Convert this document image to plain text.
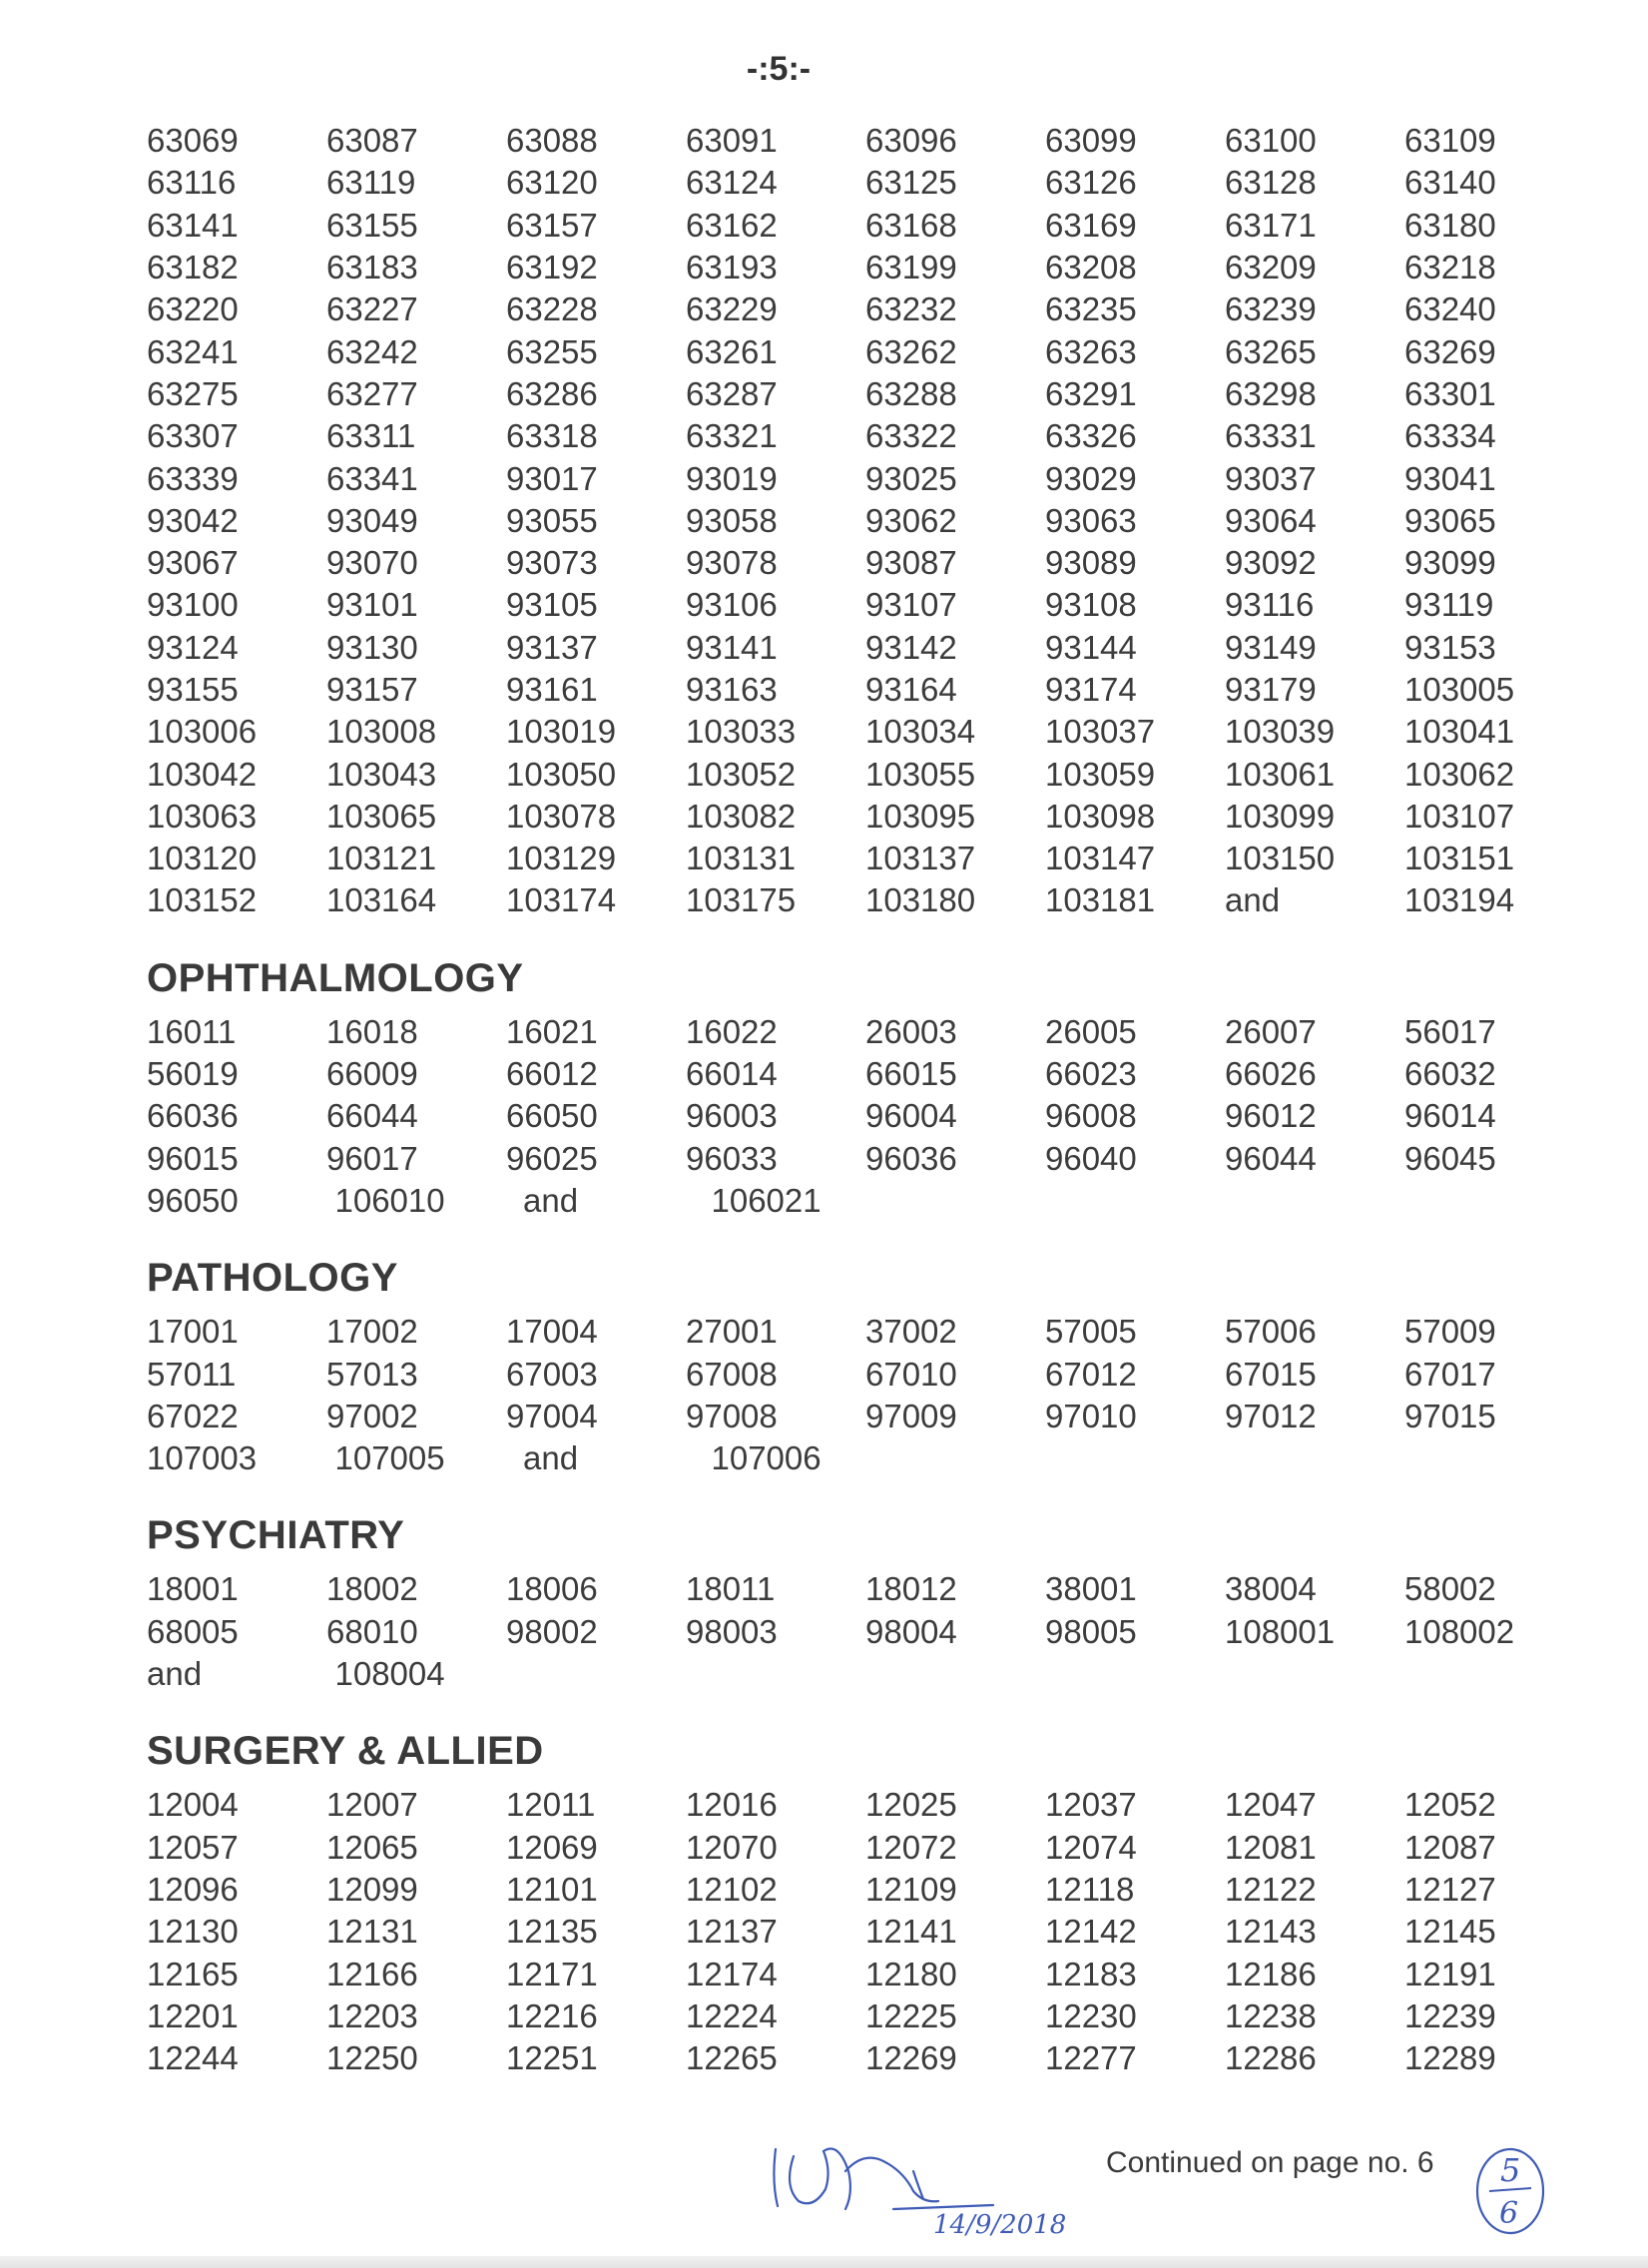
-:5:-
63069	63087	63088	63091	63096	63099	63100	63109
63116	63119	63120	63124	63125	63126	63128	63140
63141	63155	63157	63162	63168	63169	63171	63180
63182	63183	63192	63193	63199	63208	63209	63218
63220	63227	63228	63229	63232	63235	63239	63240
63241	63242	63255	63261	63262	63263	63265	63269
63275	63277	63286	63287	63288	63291	63298	63301
63307	63311	63318	63321	63322	63326	63331	63334
63339	63341	93017	93019	93025	93029	93037	93041
93042	93049	93055	93058	93062	93063	93064	93065
93067	93070	93073	93078	93087	93089	93092	93099
93100	93101	93105	93106	93107	93108	93116	93119
93124	93130	93137	93141	93142	93144	93149	93153
93155	93157	93161	93163	93164	93174	93179	103005
103006	103008	103019	103033	103034	103037	103039	103041
103042	103043	103050	103052	103055	103059	103061	103062
103063	103065	103078	103082	103095	103098	103099	103107
103120	103121	103129	103131	103137	103147	103150	103151
103152	103164	103174	103175	103180	103181	and	103194
OPHTHALMOLOGY
16011	16018	16021	16022	26003	26005	26007	56017
56019	66009	66012	66014	66015	66023	66026	66032
66036	66044	66050	96003	96004	96008	96012	96014
96015	96017	96025	96033	96036	96040	96044	96045
96050	106010	and	106021
PATHOLOGY
17001	17002	17004	27001	37002	57005	57006	57009
57011	57013	67003	67008	67010	67012	67015	67017
67022	97002	97004	97008	97009	97010	97012	97015
107003	107005	and	107006
PSYCHIATRY
18001	18002	18006	18011	18012	38001	38004	58002
68005	68010	98002	98003	98004	98005	108001	108002
and	108004
SURGERY & ALLIED
12004	12007	12011	12016	12025	12037	12047	12052
12057	12065	12069	12070	12072	12074	12081	12087
12096	12099	12101	12102	12109	12118	12122	12127
12130	12131	12135	12137	12141	12142	12143	12145
12165	12166	12171	12174	12180	12183	12186	12191
12201	12203	12216	12224	12225	12230	12238	12239
12244	12250	12251	12265	12269	12277	12286	12289
14/9/2018
Continued on page no. 6 5
6
